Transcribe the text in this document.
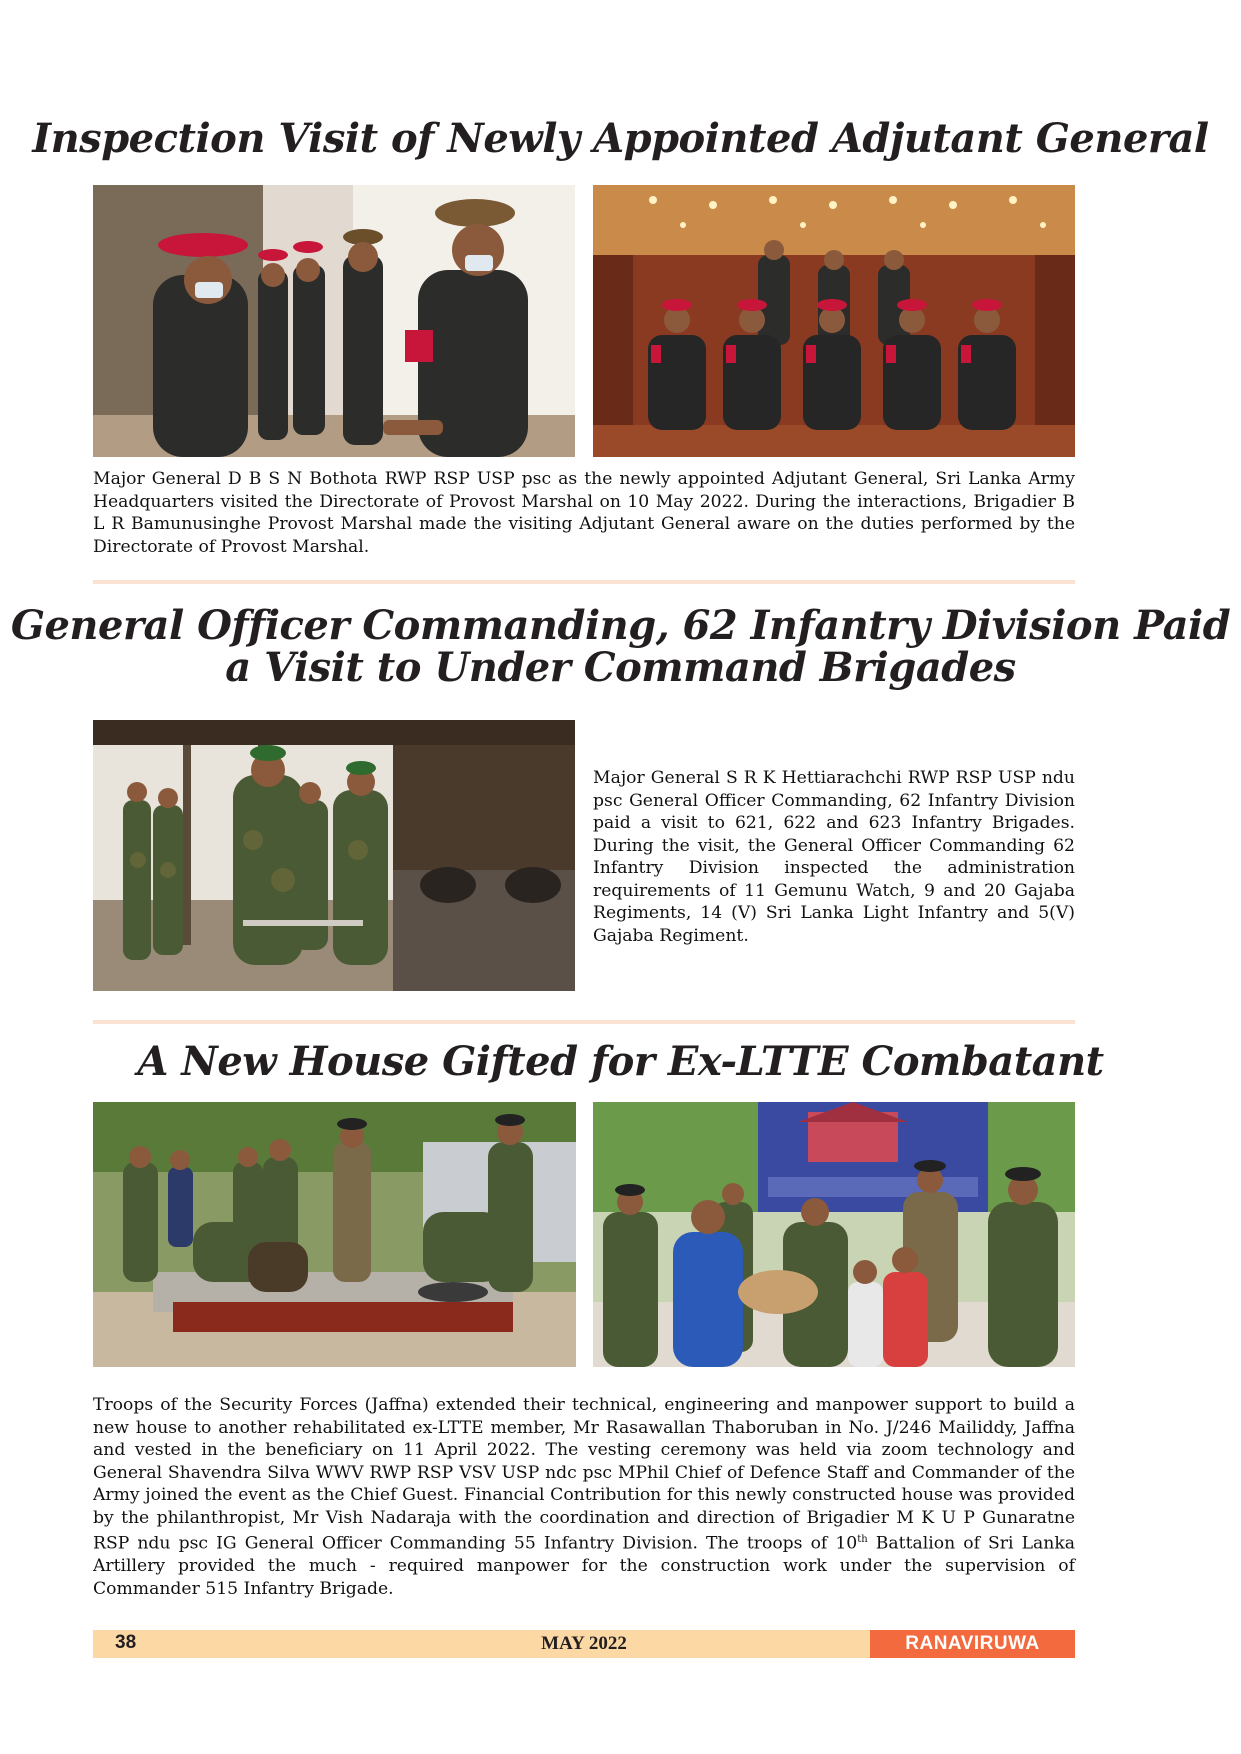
Inspection Visit of Newly Appointed Adjutant General

Major General D B S N Bothota RWP RSP USP psc as the newly appointed Adjutant General, Sri Lanka Army Headquarters visited the Directorate of Provost Marshal on 10 May 2022. During the interactions, Brigadier B L R Bamunusinghe Provost Marshal made the visiting Adjutant General aware on the duties performed by the Directorate of Provost Marshal.

General Officer Commanding, 62 Infantry Division Paid
a Visit to Under Command Brigades

Major General S R K Hettiarachchi RWP RSP USP ndu psc General Officer Commanding, 62 Infantry Division paid a visit to 621, 622 and 623 Infantry Brigades. During the visit, the General Officer Commanding 62 Infantry Division inspected the administration requirements of 11 Gemunu Watch, 9 and 20 Gajaba Regiments, 14 (V) Sri Lanka Light Infantry and 5(V) Gajaba Regiment.

A New House Gifted for Ex-LTTE Combatant

Troops of the Security Forces (Jaffna) extended their technical, engineering and manpower support to build a new house to another rehabilitated ex-LTTE member, Mr Rasawallan Thaboruban in No. J/246 Mailiddy, Jaffna and vested in the beneficiary on 11 April 2022. The vesting ceremony was held via zoom technology and General Shavendra Silva WWV RWP RSP VSV USP ndc psc MPhil Chief of Defence Staff and Commander of the Army joined the event as the Chief Guest. Financial Contribution for this newly constructed house was provided by the philanthropist, Mr Vish Nadaraja with the coordination and direction of Brigadier M K U P Gunaratne RSP ndu psc IG General Officer Commanding 55 Infantry Division. The troops of 10th Battalion of Sri Lanka Artillery provided the much - required manpower for the construction work under the supervision of Commander 515 Infantry Brigade.

38	MAY 2022	RANAVIRUWA
